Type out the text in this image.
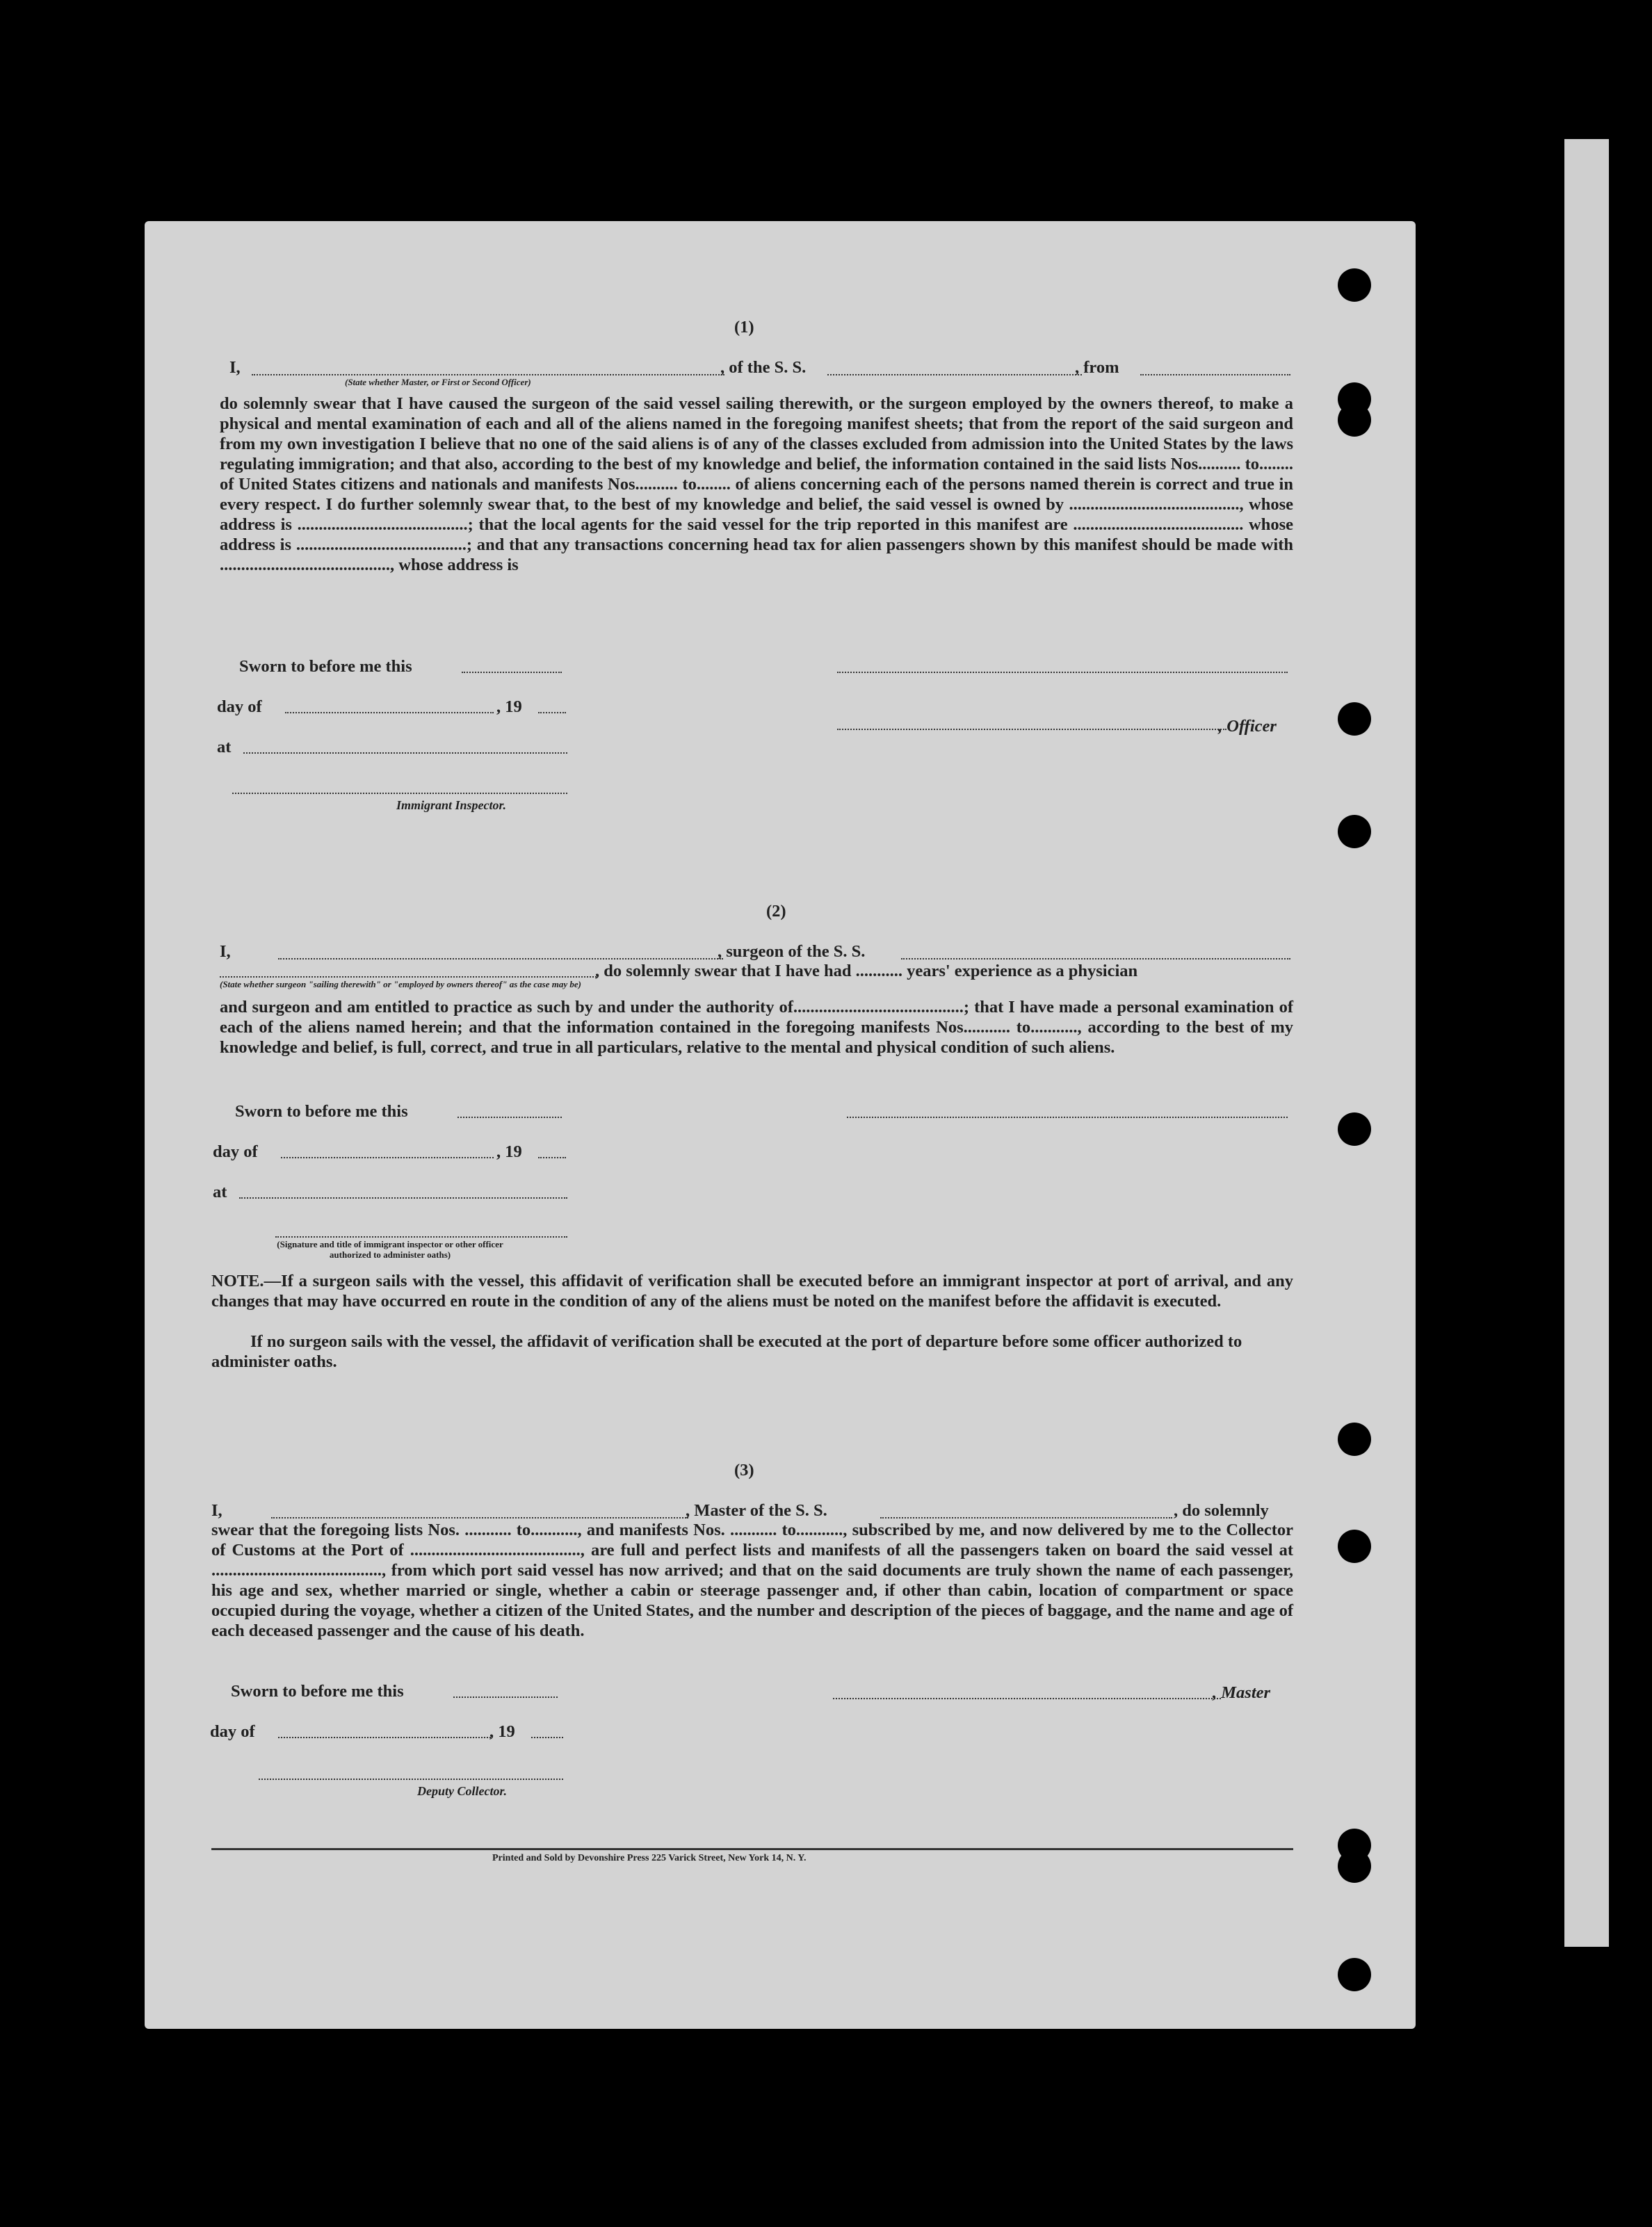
(1)
I,	, of the S. S.	, from
(State whether Master, or First or Second Officer)
do solemnly swear that I have caused the surgeon of the said vessel sailing therewith, or the surgeon employed by the owners thereof, to make a physical and mental examination of each and all of the aliens named in the foregoing manifest sheets; that from the report of the said surgeon and from my own investigation I believe that no one of the said aliens is of any of the classes excluded from admission into the United States by the laws regulating immigration; and that also, according to the best of my knowledge and belief, the information contained in the said lists Nos.......... to........ of United States citizens and nationals and manifests Nos.......... to........ of aliens concerning each of the persons named therein is correct and true in every respect. I do further solemnly swear that, to the best of my knowledge and belief, the said vessel is owned by ........................................, whose address is ........................................; that the local agents for the said vessel for the trip reported in this manifest are ........................................ whose address is ........................................; and that any transactions concerning head tax for alien passengers shown by this manifest should be made with ........................................, whose address is
Sworn to before me this
day of	, 19
at
Immigrant Inspector.
, Officer
(2)
I,	, surgeon of the S. S.
, do solemnly swear that I have had ........... years' experience as a physician
(State whether surgeon "sailing therewith" or "employed by owners thereof" as the case may be)
and surgeon and am entitled to practice as such by and under the authority of........................................; that I have made a personal examination of each of the aliens named herein; and that the information contained in the foregoing manifests Nos........... to..........., according to the best of my knowledge and belief, is full, correct, and true in all particulars, relative to the mental and physical condition of such aliens.
Sworn to before me this
day of	, 19
at
(Signature and title of immigrant inspector or other officer authorized to administer oaths)
NOTE.—If a surgeon sails with the vessel, this affidavit of verification shall be executed before an immigrant inspector at port of arrival, and any changes that may have occurred en route in the condition of any of the aliens must be noted on the manifest before the affidavit is executed.
If no surgeon sails with the vessel, the affidavit of verification shall be executed at the port of departure before some officer authorized to administer oaths.
(3)
I,	, Master of the S. S.	, do solemnly
swear that the foregoing lists Nos. ........... to..........., and manifests Nos. ........... to..........., subscribed by me, and now delivered by me to the Collector of Customs at the Port of ........................................, are full and perfect lists and manifests of all the passengers taken on board the said vessel at ........................................, from which port said vessel has now arrived; and that on the said documents are truly shown the name of each passenger, his age and sex, whether married or single, whether a cabin or steerage passenger and, if other than cabin, location of compartment or space occupied during the voyage, whether a citizen of the United States, and the number and description of the pieces of baggage, and the name and age of each deceased passenger and the cause of his death.
Sworn to before me this
day of	, 19
Deputy Collector.
, Master
Printed and Sold by Devonshire Press 225 Varick Street, New York 14, N. Y.
